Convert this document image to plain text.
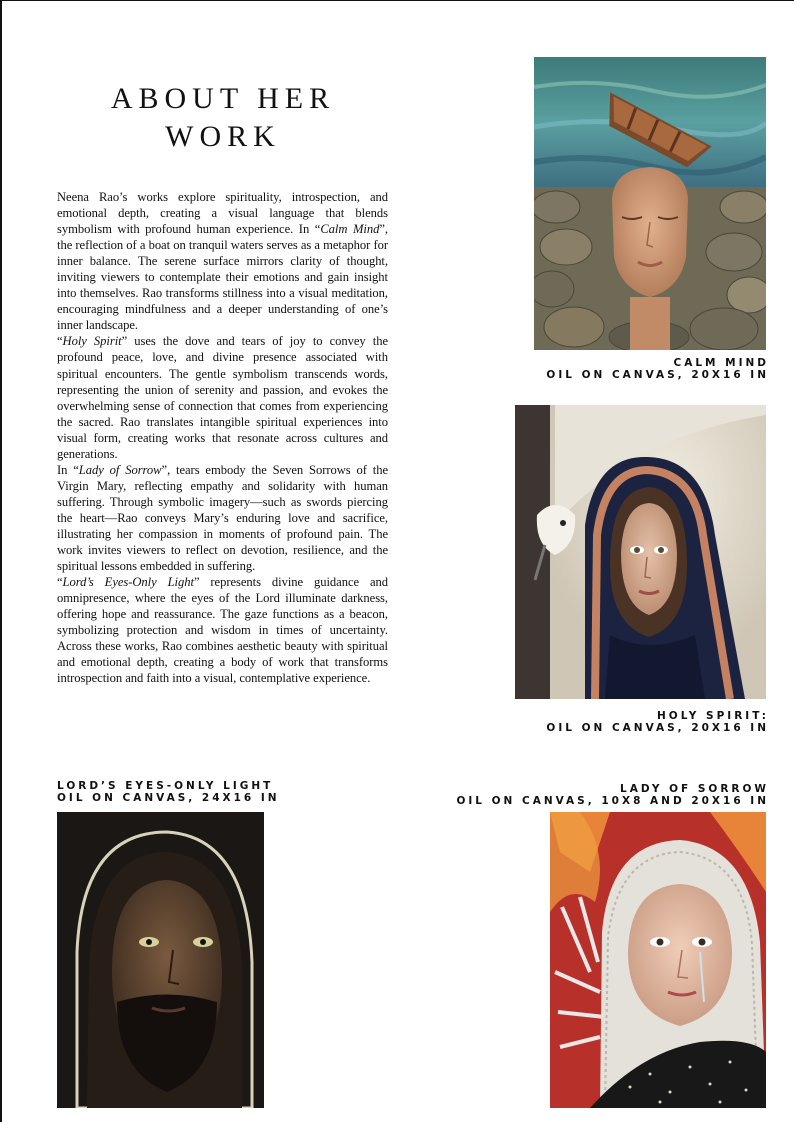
ABOUT HER
WORK

Neena Rao’s works explore spirituality, introspection, and emotional depth, creating a visual language that blends symbolism with profound human experience. In “Calm Mind”, the reflection of a boat on tranquil waters serves as a metaphor for inner balance. The serene surface mirrors clarity of thought, inviting viewers to contemplate their emotions and gain insight into themselves. Rao transforms stillness into a visual meditation, encouraging mindfulness and a deeper understanding of one’s inner landscape.

“Holy Spirit” uses the dove and tears of joy to convey the profound peace, love, and divine presence associated with spiritual encounters. The gentle symbolism transcends words, representing the union of serenity and passion, and evokes the overwhelming sense of connection that comes from experiencing the sacred. Rao translates intangible spiritual experiences into visual form, creating works that resonate across cultures and generations.

In “Lady of Sorrow”, tears embody the Seven Sorrows of the Virgin Mary, reflecting empathy and solidarity with human suffering. Through symbolic imagery—such as swords piercing the heart—Rao conveys Mary’s enduring love and sacrifice, illustrating her compassion in moments of profound pain. The work invites viewers to reflect on devotion, resilience, and the spiritual lessons embedded in suffering.

“Lord’s Eyes-Only Light” represents divine guidance and omnipresence, where the eyes of the Lord illuminate darkness, offering hope and reassurance. The gaze functions as a beacon, symbolizing protection and wisdom in times of uncertainty. Across these works, Rao combines aesthetic beauty with spiritual and emotional depth, creating a body of work that transforms introspection and faith into a visual, contemplative experience.

CALM MIND
OIL ON CANVAS, 20X16 IN
HOLY SPIRIT:
OIL ON CANVAS, 20X16 IN
LORD’S EYES-ONLY LIGHT
OIL ON CANVAS, 24X16 IN
LADY OF SORROW
OIL ON CANVAS, 10X8 AND 20X16 IN
